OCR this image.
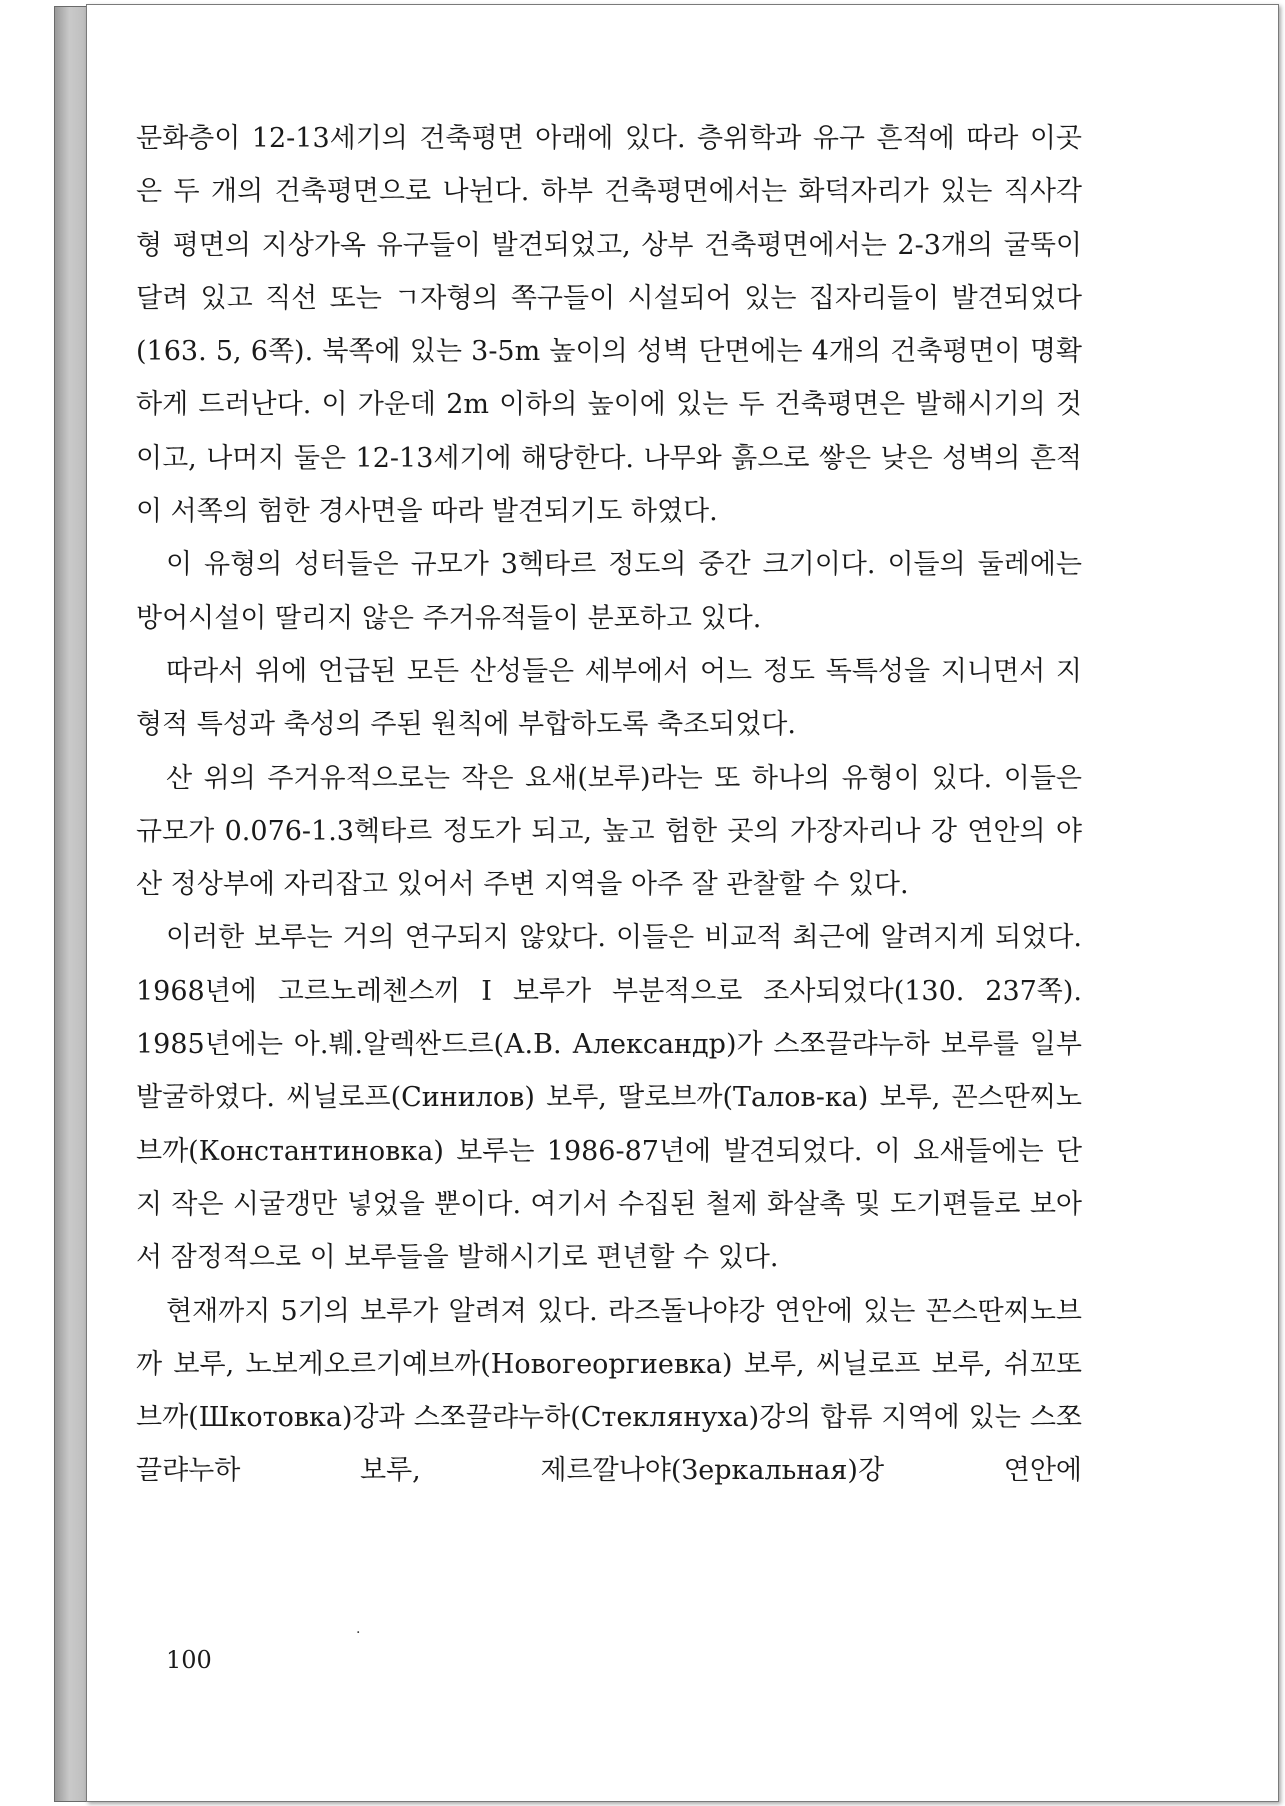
문화층이 12-13세기의 건축평면 아래에 있다. 층위학과 유구 흔적에 따라 이곳은 두 개의 건축평면으로 나뉜다. 하부 건축평면에서는 화덕자리가 있는 직사각형 평면의 지상가옥 유구들이 발견되었고, 상부 건축평면에서는 2-3개의 굴뚝이 달려 있고 직선 또는 ㄱ자형의 쪽구들이 시설되어 있는 집자리들이 발견되었다(163. 5, 6쪽). 북쪽에 있는 3-5m 높이의 성벽 단면에는 4개의 건축평면이 명확하게 드러난다. 이 가운데 2m 이하의 높이에 있는 두 건축평면은 발해시기의 것이고, 나머지 둘은 12-13세기에 해당한다. 나무와 흙으로 쌓은 낮은 성벽의 흔적이 서쪽의 험한 경사면을 따라 발견되기도 하였다.

이 유형의 성터들은 규모가 3헥타르 정도의 중간 크기이다. 이들의 둘레에는 방어시설이 딸리지 않은 주거유적들이 분포하고 있다.

따라서 위에 언급된 모든 산성들은 세부에서 어느 정도 독특성을 지니면서 지형적 특성과 축성의 주된 원칙에 부합하도록 축조되었다.

산 위의 주거유적으로는 작은 요새(보루)라는 또 하나의 유형이 있다. 이들은 규모가 0.076-1.3헥타르 정도가 되고, 높고 험한 곳의 가장자리나 강 연안의 야산 정상부에 자리잡고 있어서 주변 지역을 아주 잘 관찰할 수 있다.

이러한 보루는 거의 연구되지 않았다. 이들은 비교적 최근에 알려지게 되었다. 1968년에 고르노레첸스끼 I 보루가 부분적으로 조사되었다(130. 237쪽). 1985년에는 아.붸.알렉싼드르(А.В. Александр)가 스쪼끌랴누하 보루를 일부 발굴하였다. 씨닐로프(Синилов) 보루, 딸로브까(Талов-ка) 보루, 꼰스딴찌노브까(Константиновка) 보루는 1986-87년에 발견되었다. 이 요새들에는 단지 작은 시굴갱만 넣었을 뿐이다. 여기서 수집된 철제 화살촉 및 도기편들로 보아서 잠정적으로 이 보루들을 발해시기로 편년할 수 있다.

현재까지 5기의 보루가 알려져 있다. 라즈돌나야강 연안에 있는 꼰스딴찌노브까 보루, 노보게오르기예브까(Новогеоргиевка) 보루, 씨닐로프 보루, 쉬꼬또브까(Шкотовка)강과 스쪼끌랴누하(Стеклянуха)강의 합류 지역에 있는 스쪼끌랴누하 보루, 제르깔나야(Зеркальная)강 연안에

.
100
